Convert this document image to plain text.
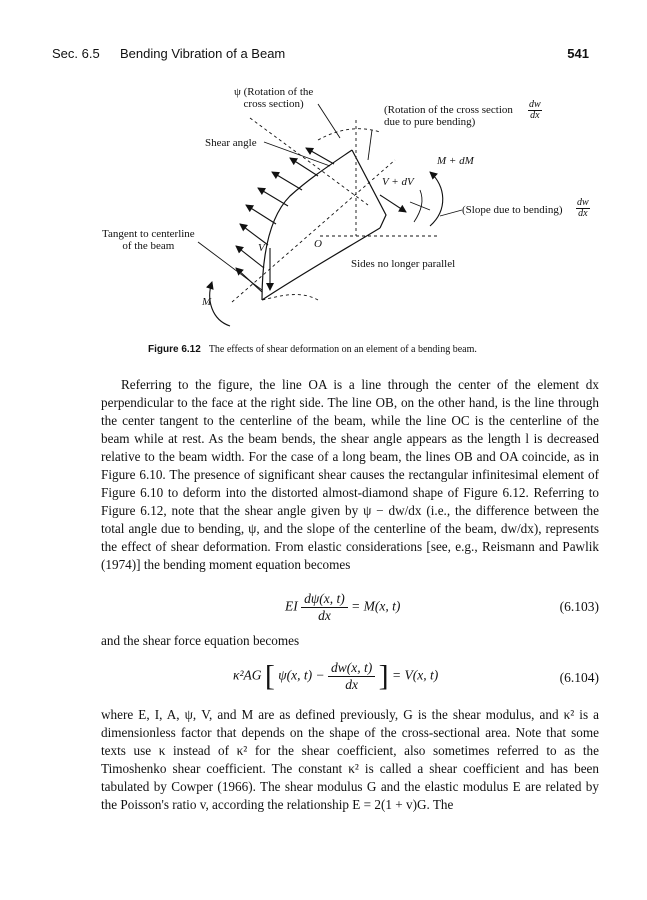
Sec. 6.5 Bending Vibration of a Beam	541
ψ (Rotation of the
cross section)	(Rotation of the cross section
due to pure bending)
$\frac{dw}{dx}$
Shear angle
M + dM
V + dV
(Slope due to bending) $\frac{dw}{dx}$
Tangent to centerline
of the beam	V	O
Sides no longer parallel
M
Figure 6.12 The effects of shear deformation on an element of a bending beam.

Referring to the figure, the line OA is a line through the center of the element dx perpendicular to the face at the right side. The line OB, on the other hand, is the line through the center tangent to the centerline of the beam, while the line OC is the centerline of the beam while at rest. As the beam bends, the shear angle appears as the length l is decreased relative to the beam width. For the case of a long beam, the lines OB and OA coincide, as in Figure 6.10. The presence of significant shear causes the rectangular infinitesimal element of Figure 6.10 to deform into the distorted almost-diamond shape of Figure 6.12. Referring to Figure 6.12, note that the shear angle given by ψ − dw/dx (i.e., the difference between the total angle due to bending, ψ, and the slope of the centerline of the beam, dw/dx), represents the effect of shear deformation. From elastic considerations [see, e.g., Reismann and Pawlik (1974)] the bending moment equation becomes

EI $\frac{d\psi(x, t)}{dx} = M(x$, t)	(6.103)

and the shear force equation becomes

κ²AG [ ψ(x, $t) - \frac{dw(x, t)}{dx}$ ] = V(x, t)	(6.104)

where E, I, A, ψ, V, and M are as defined previously, G is the shear modulus, and κ² is a dimensionless factor that depends on the shape of the cross-sectional area. Note that some texts use κ instead of κ² for the shear coefficient, also sometimes referred to as the Timoshenko shear coefficient. The constant κ² is called a shear coefficient and has been tabulated by Cowper (1966). The shear modulus G and the elastic modulus E are related by the Poisson's ratio v, according the relationship E = 2(1 + v)G. The
